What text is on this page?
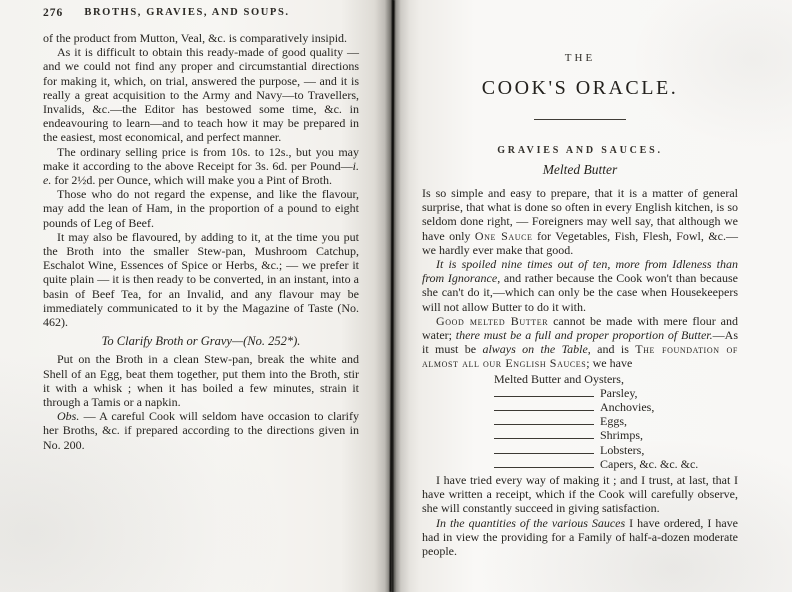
276	BROTHS, GRAVIES, AND SOUPS.

of the product from Mutton, Veal, &c. is comparatively insipid.

As it is difficult to obtain this ready-made of good quality — and we could not find any proper and circumstantial directions for making it, which, on trial, answered the purpose, — and it is really a great acquisition to the Army and Navy—to Travellers, Invalids, &c.—the Editor has bestowed some time, &c. in endeavouring to learn—and to teach how it may be prepared in the easiest, most economical, and perfect manner.

The ordinary selling price is from 10s. to 12s., but you may make it according to the above Receipt for 3s. 6d. per Pound—i. e. for 2½d. per Ounce, which will make you a Pint of Broth.

Those who do not regard the expense, and like the flavour, may add the lean of Ham, in the proportion of a pound to eight pounds of Leg of Beef.

It may also be flavoured, by adding to it, at the time you put the Broth into the smaller Stew-pan, Mushroom Catchup, Eschalot Wine, Essences of Spice or Herbs, &c.; — we prefer it quite plain — it is then ready to be converted, in an instant, into a basin of Beef Tea, for an Invalid, and any flavour may be immediately communicated to it by the Magazine of Taste (No. 462).

To Clarify Broth or Gravy—(No. 252*).

Put on the Broth in a clean Stew-pan, break the white and Shell of an Egg, beat them together, put them into the Broth, stir it with a whisk ; when it has boiled a few minutes, strain it through a Tamis or a napkin.

Obs. — A careful Cook will seldom have occasion to clarify her Broths, &c. if prepared according to the directions given in No. 200.

THE
COOK'S ORACLE.
GRAVIES AND SAUCES.
Melted Butter

Is so simple and easy to prepare, that it is a matter of general surprise, that what is done so often in every English kitchen, is so seldom done right, — Foreigners may well say, that although we have only One Sauce for Vegetables, Fish, Flesh, Fowl, &c.—we hardly ever make that good.

It is spoiled nine times out of ten, more from Idleness than from Ignorance, and rather because the Cook won't than because she can't do it,—which can only be the case when Housekeepers will not allow Butter to do it with.

Good melted Butter cannot be made with mere flour and water; there must be a full and proper proportion of Butter.—As it must be always on the Table, and is The foundation of almost all our English Sauces; we have

Melted Butter and Oysters,
Parsley,
Anchovies,
Eggs,
Shrimps,
Lobsters,
Capers, &c. &c. &c.

I have tried every way of making it ; and I trust, at last, that I have written a receipt, which if the Cook will carefully observe, she will constantly succeed in giving satisfaction.

In the quantities of the various Sauces I have ordered, I have had in view the providing for a Family of half-a-dozen moderate people.
